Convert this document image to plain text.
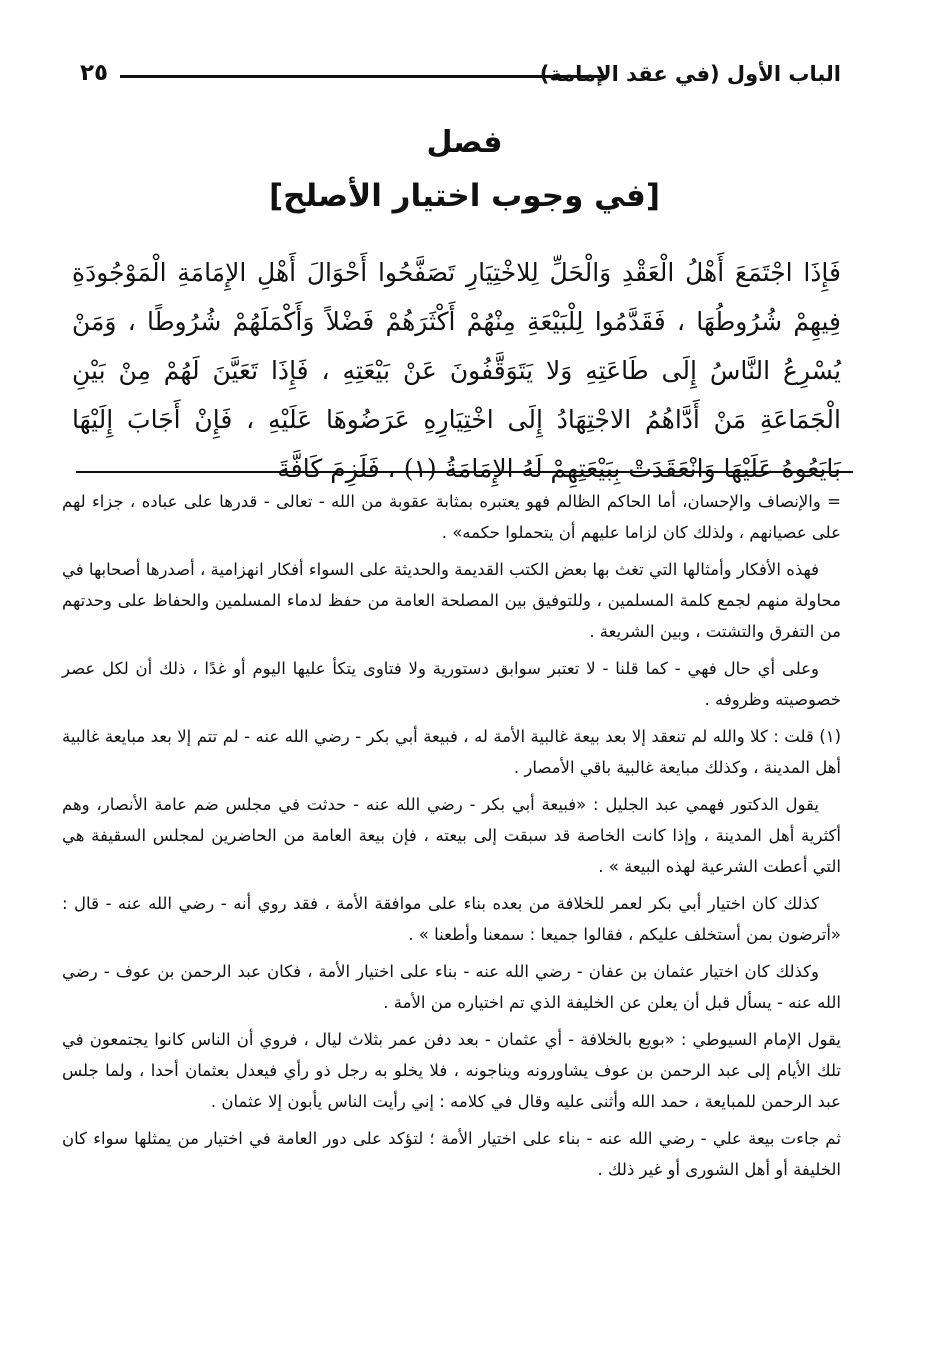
الباب الأول (في عقد الإمامة)
٢٥
فصل
[في وجوب اختيار الأصلح]

فَإِذَا اجْتَمَعَ أَهْلُ الْعَقْدِ وَالْحَلِّ لِلاخْتِيَارِ تَصَفَّحُوا أَحْوَالَ أَهْلِ الإِمَامَةِ الْمَوْجُودَةِ فِيهِمْ شُرُوطُهَا ، فَقَدَّمُوا لِلْبَيْعَةِ مِنْهُمْ أَكْثَرَهُمْ فَضْلاً وَأَكْمَلَهُمْ شُرُوطًا ، وَمَنْ يُسْرِعُ النَّاسُ إِلَى طَاعَتِهِ وَلا يَتَوَقَّفُونَ عَنْ بَيْعَتِهِ ، فَإِذَا تَعَيَّنَ لَهُمْ مِنْ بَيْنِ الْجَمَاعَةِ مَنْ أَدَّاهُمُ الاجْتِهَادُ إِلَى اخْتِيَارِهِ عَرَضُوهَا عَلَيْهِ ، فَإِنْ أَجَابَ إِلَيْهَا بَايَعُوهُ عَلَيْهَا وَانْعَقَدَتْ بِبَيْعَتِهِمْ لَهُ الإِمَامَةُ (١) ، فَلَزِمَ كَافَّةَ

= والإنصاف والإحسان، أما الحاكم الظالم فهو يعتبره بمثابة عقوبة من الله - تعالى - قدرها على عباده ، جزاء لهم على عصيانهم ، ولذلك كان لزاما عليهم أن يتحملوا حكمه» .

فهذه الأفكار وأمثالها التي تغث بها بعض الكتب القديمة والحديثة على السواء أفكار انهزامية ، أصدرها أصحابها في محاولة منهم لجمع كلمة المسلمين ، وللتوفيق بين المصلحة العامة من حفظ لدماء المسلمين والحفاظ على وحدتهم من التفرق والتشتت ، وبين الشريعة .

وعلى أي حال فهي - كما قلنا - لا تعتبر سوابق دستورية ولا فتاوى يتكأ عليها اليوم أو غدًا ، ذلك أن لكل عصر خصوصيته وظروفه .

(١) قلت : كلا والله لم تنعقد إلا بعد بيعة غالبية الأمة له ، فبيعة أبي بكر - رضي الله عنه - لم تتم إلا بعد مبايعة غالبية أهل المدينة ، وكذلك مبايعة غالبية باقي الأمصار .

يقول الدكتور فهمي عبد الجليل : «فبيعة أبي بكر - رضي الله عنه - حدثت في مجلس ضم عامة الأنصار، وهم أكثرية أهل المدينة ، وإذا كانت الخاصة قد سبقت إلى بيعته ، فإن بيعة العامة من الحاضرين لمجلس السقيفة هي التي أعطت الشرعية لهذه البيعة » .

كذلك كان اختيار أبي بكر لعمر للخلافة من بعده بناء على موافقة الأمة ، فقد روي أنه - رضي الله عنه - قال : «أترضون بمن أستخلف عليكم ، فقالوا جميعا : سمعنا وأطعنا » .

وكذلك كان اختيار عثمان بن عفان - رضي الله عنه - بناء على اختيار الأمة ، فكان عبد الرحمن بن عوف - رضي الله عنه - يسأل قبل أن يعلن عن الخليفة الذي تم اختياره من الأمة .

يقول الإمام السيوطي : «بويع بالخلافة - أي عثمان - بعد دفن عمر بثلاث ليال ، فروي أن الناس كانوا يجتمعون في تلك الأيام إلى عبد الرحمن بن عوف يشاورونه ويناجونه ، فلا يخلو به رجل ذو رأي فيعدل بعثمان أحدا ، ولما جلس عبد الرحمن للمبايعة ، حمد الله وأثنى عليه وقال في كلامه : إني رأيت الناس يأبون إلا عثمان .

ثم جاءت بيعة علي - رضي الله عنه - بناء على اختيار الأمة ؛ لتؤكد على دور العامة في اختيار من يمثلها سواء كان الخليفة أو أهل الشورى أو غير ذلك .
